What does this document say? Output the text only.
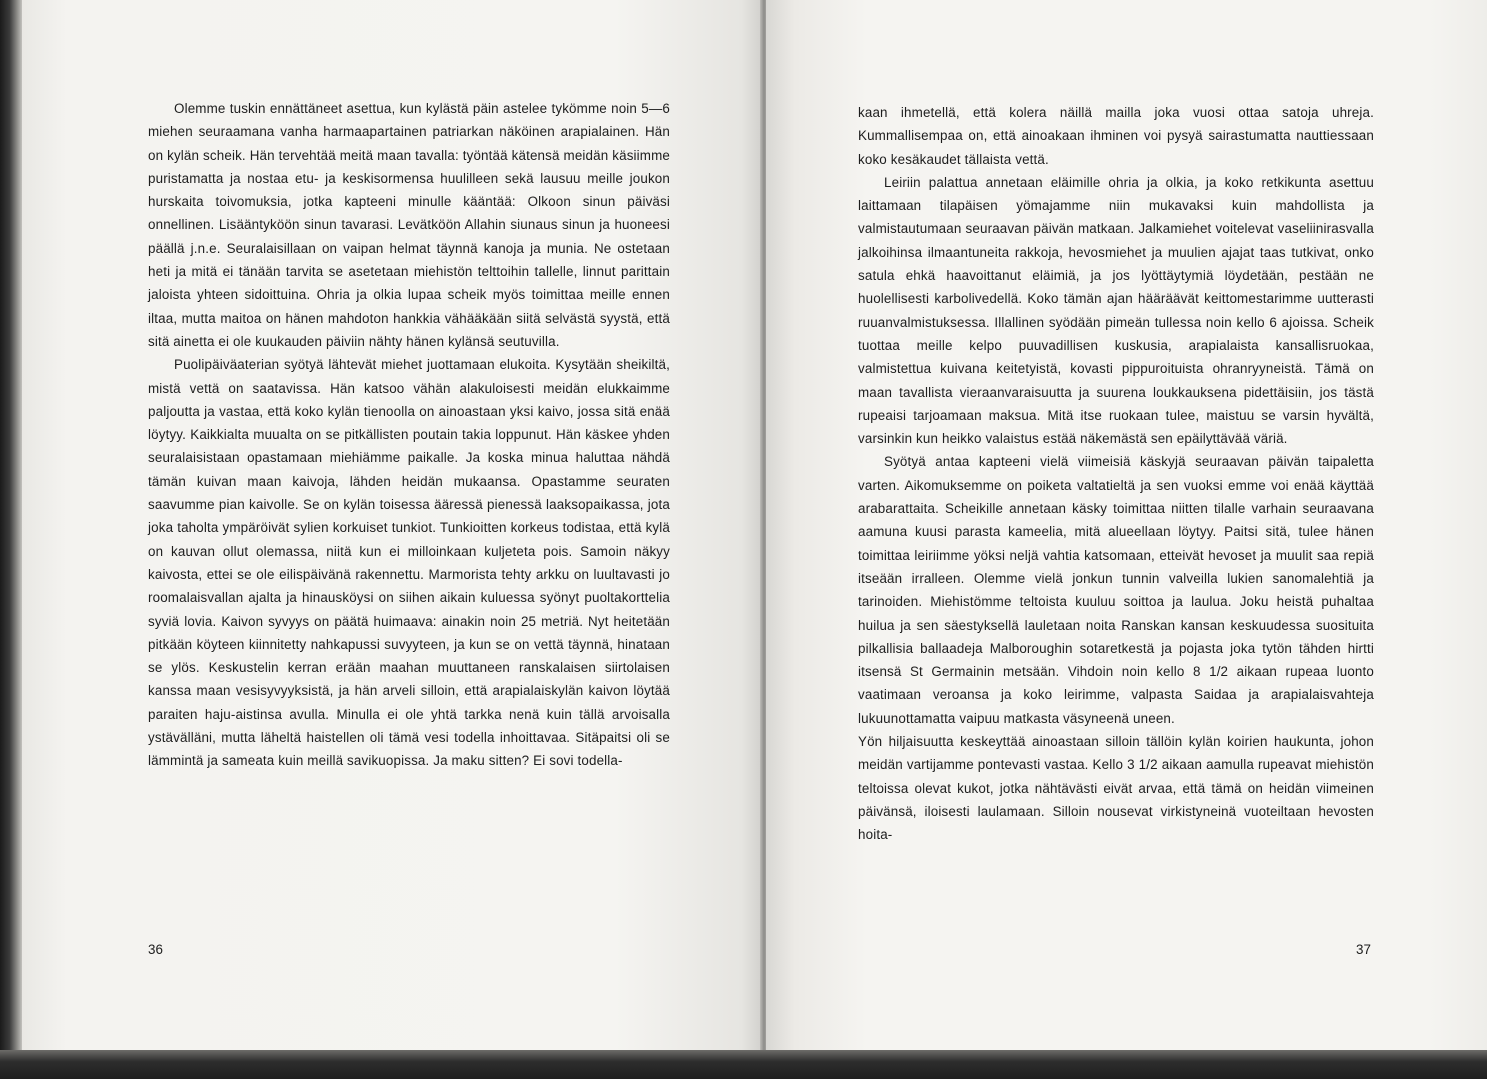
Olemme tuskin ennättäneet asettua, kun kylästä päin astelee tykömme noin 5—6 miehen seuraamana vanha harmaapartainen patriarkan näköinen arapialainen. Hän on kylän scheik. Hän tervehtää meitä maan tavalla: työntää kätensä meidän käsiimme puristamatta ja nostaa etu- ja keskisormensa huulilleen sekä lausuu meille joukon hurskaita toivomuksia, jotka kapteeni minulle kääntää: Olkoon sinun päiväsi onnellinen. Lisääntyköön sinun tavarasi. Levätköön Allahin siunaus sinun ja huoneesi päällä j.n.e. Seuralaisillaan on vaipan helmat täynnä kanoja ja munia. Ne ostetaan heti ja mitä ei tänään tarvita se asetetaan miehistön telttoihin tallelle, linnut parittain jaloista yhteen sidoittuina. Ohria ja olkia lupaa scheik myös toimittaa meille ennen iltaa, mutta maitoa on hänen mahdoton hankkia vähääkään siitä selvästä syystä, että sitä ainetta ei ole kuukauden päiviin nähty hänen kylänsä seutuvilla.

Puolipäiväaterian syötyä lähtevät miehet juottamaan elukoita. Kysytään sheikiltä, mistä vettä on saatavissa. Hän katsoo vähän alakuloisesti meidän elukkaimme paljoutta ja vastaa, että koko kylän tienoolla on ainoastaan yksi kaivo, jossa sitä enää löytyy. Kaikkialta muualta on se pitkällisten poutain takia loppunut. Hän käskee yhden seuralaisistaan opastamaan miehiämme paikalle. Ja koska minua haluttaa nähdä tämän kuivan maan kaivoja, lähden heidän mukaansa. Opastamme seuraten saavumme pian kaivolle. Se on kylän toisessa ääressä pienessä laaksopaikassa, jota joka taholta ympäröivät sylien korkuiset tunkiot. Tunkioitten korkeus todistaa, että kylä on kauvan ollut olemassa, niitä kun ei milloinkaan kuljeteta pois. Samoin näkyy kaivosta, ettei se ole eilispäivänä rakennettu. Marmorista tehty arkku on luultavasti jo roomalaisvallan ajalta ja hinausköysi on siihen aikain kuluessa syönyt puoltakorttelia syviä lovia. Kaivon syvyys on päätä huimaava: ainakin noin 25 metriä. Nyt heitetään pitkään köyteen kiinnitetty nahkapussi suvyyteen, ja kun se on vettä täynnä, hinataan se ylös. Keskustelin kerran erään maahan muuttaneen ranskalaisen siirtolaisen kanssa maan vesisyvyyksistä, ja hän arveli silloin, että arapialaiskylän kaivon löytää paraiten haju-aistinsa avulla. Minulla ei ole yhtä tarkka nenä kuin tällä arvoisalla ystävälläni, mutta läheltä haistellen oli tämä vesi todella inhoittavaa. Sitäpaitsi oli se lämmintä ja sameata kuin meillä savikuopissa. Ja maku sitten? Ei sovi todella-

36

kaan ihmetellä, että kolera näillä mailla joka vuosi ottaa satoja uhreja. Kummallisempaa on, että ainoakaan ihminen voi pysyä sairastumatta nauttiessaan koko kesäkaudet tällaista vettä.

Leiriin palattua annetaan eläimille ohria ja olkia, ja koko retkikunta asettuu laittamaan tilapäisen yömajamme niin mukavaksi kuin mahdollista ja valmistautumaan seuraavan päivän matkaan. Jalkamiehet voitelevat vaseliinirasvalla jalkoihinsa ilmaantuneita rakkoja, hevosmiehet ja muulien ajajat taas tutkivat, onko satula ehkä haavoittanut eläimiä, ja jos lyöttäytymiä löydetään, pestään ne huolellisesti karbolivedellä. Koko tämän ajan hääräävät keittomestarimme uutterasti ruuanvalmistuksessa. Illallinen syödään pimeän tullessa noin kello 6 ajoissa. Scheik tuottaa meille kelpo puuvadillisen kuskusia, arapialaista kansallisruokaa, valmistettua kuivana keitetyistä, kovasti pippuroituista ohranryyneistä. Tämä on maan tavallista vieraanvaraisuutta ja suurena loukkauksena pidettäisiin, jos tästä rupeaisi tarjoamaan maksua. Mitä itse ruokaan tulee, maistuu se varsin hyvältä, varsinkin kun heikko valaistus estää näkemästä sen epäilyttävää väriä.

Syötyä antaa kapteeni vielä viimeisiä käskyjä seuraavan päivän taipaletta varten. Aikomuksemme on poiketa valtatieltä ja sen vuoksi emme voi enää käyttää arabarattaita. Scheikille annetaan käsky toimittaa niitten tilalle varhain seuraavana aamuna kuusi parasta kameelia, mitä alueellaan löytyy. Paitsi sitä, tulee hänen toimittaa leiriimme yöksi neljä vahtia katsomaan, etteivät hevoset ja muulit saa repiä itseään irralleen. Olemme vielä jonkun tunnin valveilla lukien sanomalehtiä ja tarinoiden. Miehistömme teltoista kuuluu soittoa ja laulua. Joku heistä puhaltaa huilua ja sen säestyksellä lauletaan noita Ranskan kansan keskuudessa suosituita pilkallisia ballaadeja Malboroughin sotaretkestä ja pojasta joka tytön tähden hirtti itsensä St Germainin metsään. Vihdoin noin kello 8 1/2 aikaan rupeaa luonto vaatimaan veroansa ja koko leirimme, valpasta Saidaa ja arapialaisvahteja lukuunottamatta vaipuu matkasta väsyneenä uneen.

Yön hiljaisuutta keskeyttää ainoastaan silloin tällöin kylän koirien haukunta, johon meidän vartijamme pontevasti vastaa. Kello 3 1/2 aikaan aamulla rupeavat miehistön teltoissa olevat kukot, jotka nähtävästi eivät arvaa, että tämä on heidän viimeinen päivänsä, iloisesti laulamaan. Silloin nousevat virkistyneinä vuoteiltaan hevosten hoita-

37
